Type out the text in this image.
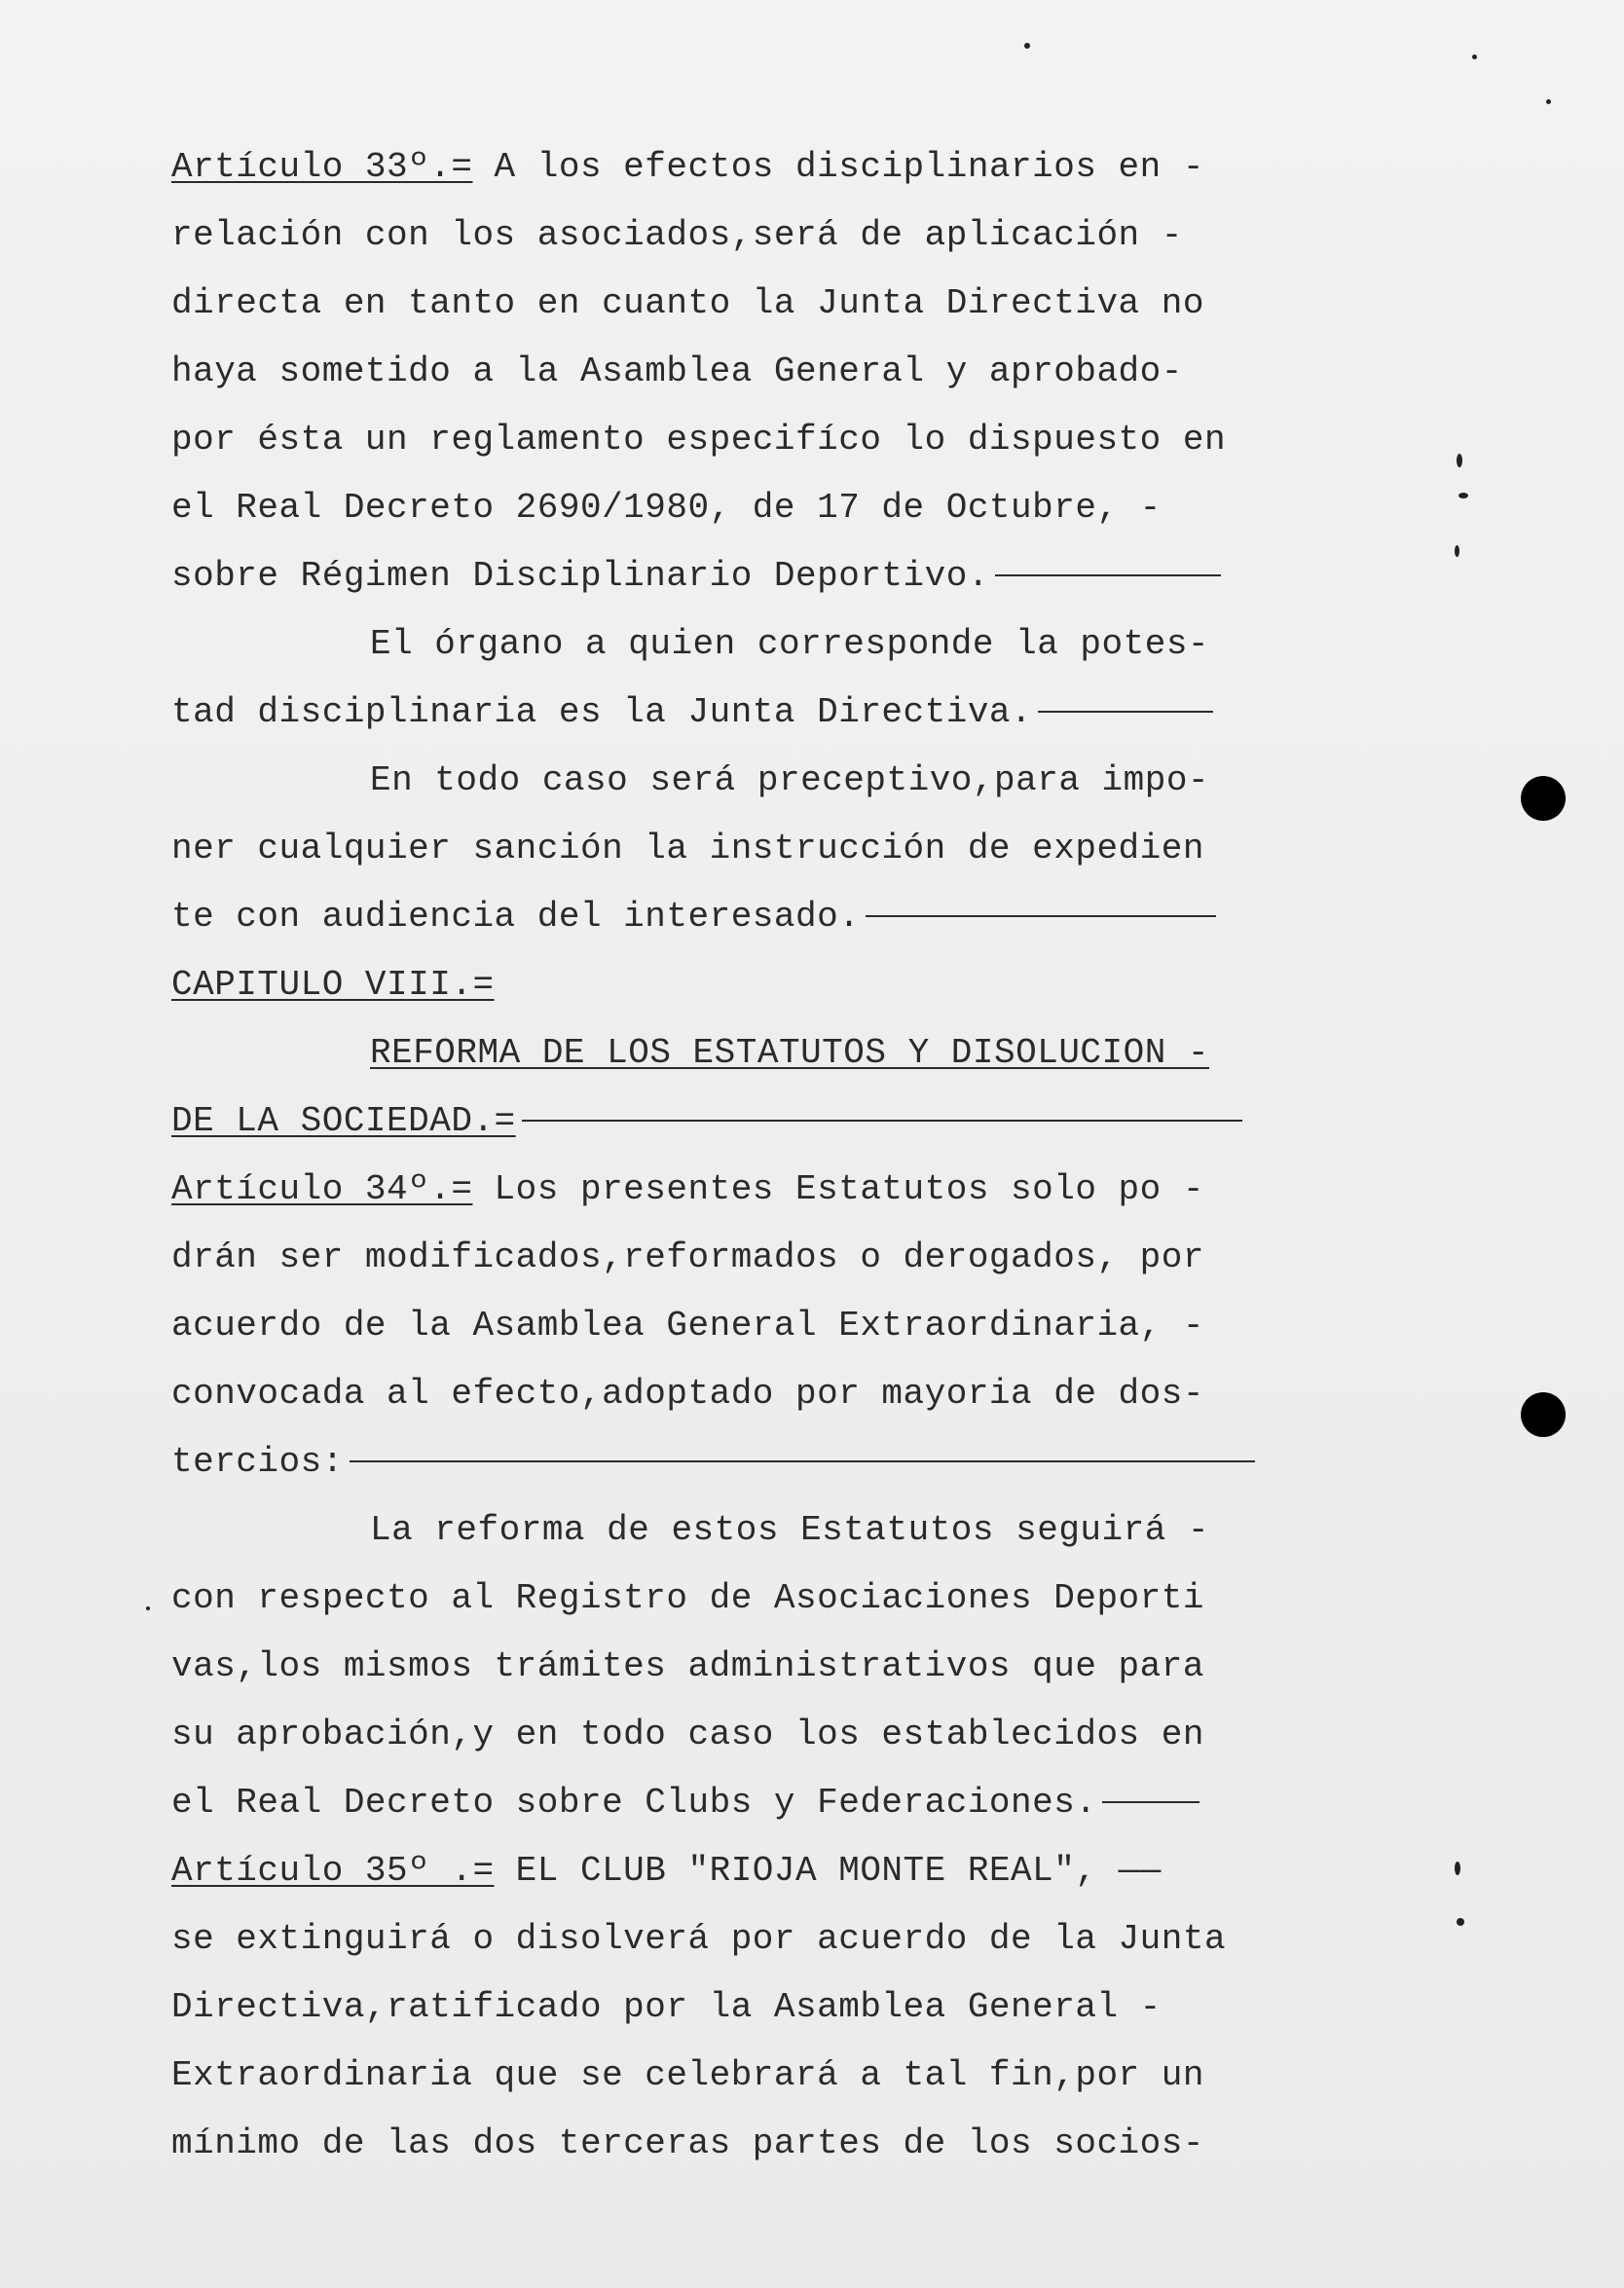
Artículo 33º.= A los efectos disciplinarios en -
relación con los asociados,será de aplicación -
directa en tanto en cuanto la Junta Directiva no
haya sometido a la Asamblea General y aprobado-
por ésta un reglamento especifíco lo dispuesto en
el Real Decreto 2690/1980, de 17 de Octubre, -
sobre Régimen Disciplinario Deportivo.
El órgano a quien corresponde la potes-
tad disciplinaria es la Junta Directiva.
En todo caso será preceptivo,para impo-
ner cualquier sanción la instrucción de expedien
te con audiencia del interesado.
CAPITULO VIII.=
REFORMA DE LOS ESTATUTOS Y DISOLUCION -
DE LA SOCIEDAD.=
Artículo 34º.= Los presentes Estatutos solo po -
drán ser modificados,reformados o derogados, por
acuerdo de la Asamblea General Extraordinaria, -
convocada al efecto,adoptado por mayoria de dos-
tercios:
La reforma de estos Estatutos seguirá -
con respecto al Registro de Asociaciones Deporti
vas,los mismos trámites administrativos que para
su aprobación,y en todo caso los establecidos en
el Real Decreto sobre Clubs y Federaciones.
Artículo 35º .= EL CLUB "RIOJA MONTE REAL", ——
se extinguirá o disolverá por acuerdo de la Junta
Directiva,ratificado por la Asamblea General -
Extraordinaria que se celebrará a tal fin,por un
mínimo de las dos terceras partes de los socios-
